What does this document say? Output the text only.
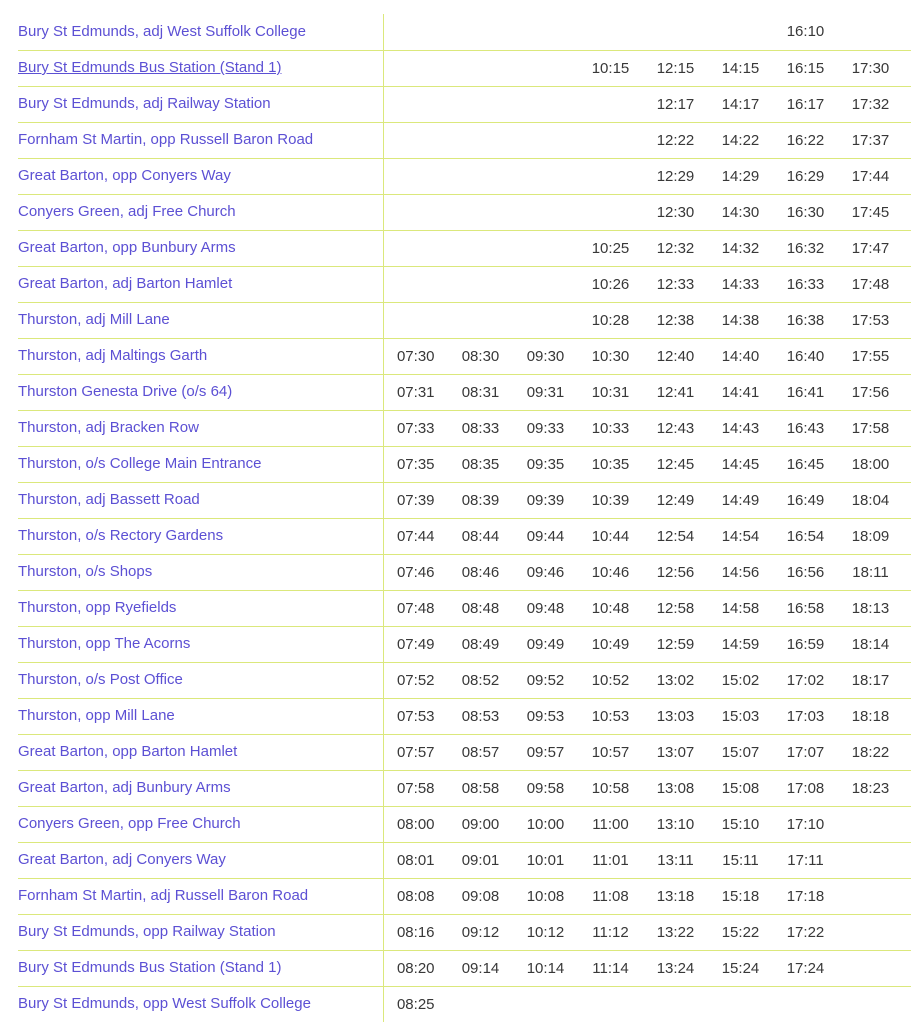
Bury St Edmunds, adj West Suffolk College							16:10		
Bury St Edmunds Bus Station (Stand 1)				10:15	12:15	14:15	16:15	17:30	
Bury St Edmunds, adj Railway Station					12:17	14:17	16:17	17:32	
Fornham St Martin, opp Russell Baron Road					12:22	14:22	16:22	17:37	
Great Barton, opp Conyers Way					12:29	14:29	16:29	17:44	
Conyers Green, adj Free Church					12:30	14:30	16:30	17:45	
Great Barton, opp Bunbury Arms				10:25	12:32	14:32	16:32	17:47	
Great Barton, adj Barton Hamlet				10:26	12:33	14:33	16:33	17:48	
Thurston, adj Mill Lane				10:28	12:38	14:38	16:38	17:53	
Thurston, adj Maltings Garth	07:30	08:30	09:30	10:30	12:40	14:40	16:40	17:55	
Thurston Genesta Drive (o/s 64)	07:31	08:31	09:31	10:31	12:41	14:41	16:41	17:56	
Thurston, adj Bracken Row	07:33	08:33	09:33	10:33	12:43	14:43	16:43	17:58	
Thurston, o/s College Main Entrance	07:35	08:35	09:35	10:35	12:45	14:45	16:45	18:00	
Thurston, adj Bassett Road	07:39	08:39	09:39	10:39	12:49	14:49	16:49	18:04	
Thurston, o/s Rectory Gardens	07:44	08:44	09:44	10:44	12:54	14:54	16:54	18:09	
Thurston, o/s Shops	07:46	08:46	09:46	10:46	12:56	14:56	16:56	18:11	
Thurston, opp Ryefields	07:48	08:48	09:48	10:48	12:58	14:58	16:58	18:13	
Thurston, opp The Acorns	07:49	08:49	09:49	10:49	12:59	14:59	16:59	18:14	
Thurston, o/s Post Office	07:52	08:52	09:52	10:52	13:02	15:02	17:02	18:17	
Thurston, opp Mill Lane	07:53	08:53	09:53	10:53	13:03	15:03	17:03	18:18	
Great Barton, opp Barton Hamlet	07:57	08:57	09:57	10:57	13:07	15:07	17:07	18:22	
Great Barton, adj Bunbury Arms	07:58	08:58	09:58	10:58	13:08	15:08	17:08	18:23	
Conyers Green, opp Free Church	08:00	09:00	10:00	11:00	13:10	15:10	17:10		
Great Barton, adj Conyers Way	08:01	09:01	10:01	11:01	13:11	15:11	17:11		
Fornham St Martin, adj Russell Baron Road	08:08	09:08	10:08	11:08	13:18	15:18	17:18		
Bury St Edmunds, opp Railway Station	08:16	09:12	10:12	11:12	13:22	15:22	17:22		
Bury St Edmunds Bus Station (Stand 1)	08:20	09:14	10:14	11:14	13:24	15:24	17:24		
Bury St Edmunds, opp West Suffolk College	08:25								
